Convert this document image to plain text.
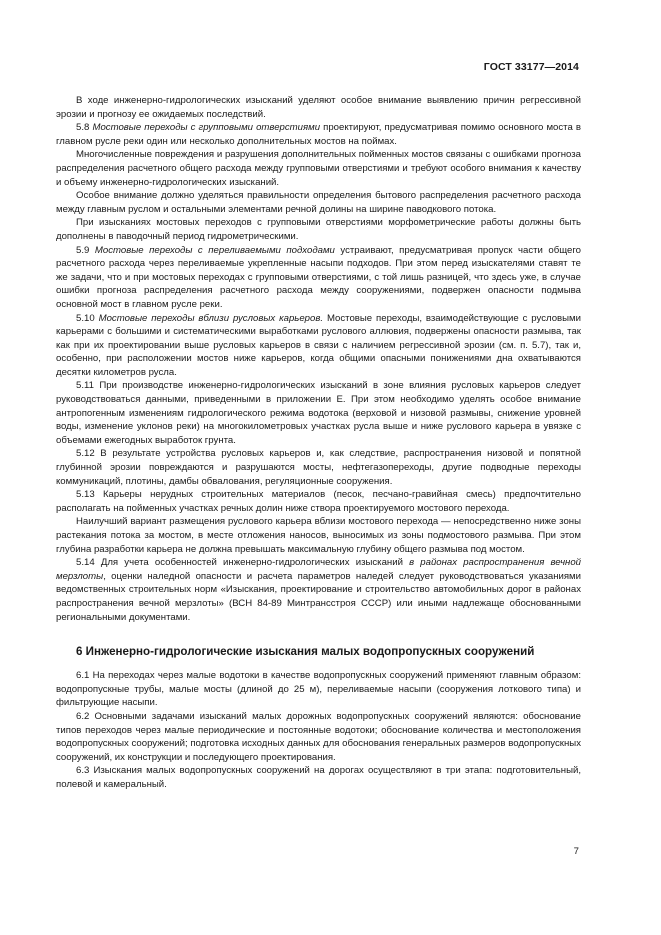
ГОСТ 33177—2014

В ходе инженерно-гидрологических изысканий уделяют особое внимание выявлению причин регрессивной эрозии и прогнозу ее ожидаемых последствий.

5.8 Мостовые переходы с групповыми отверстиями проектируют, предусматривая помимо основного моста в главном русле реки один или несколько дополнительных мостов на поймах.

Многочисленные повреждения и разрушения дополнительных пойменных мостов связаны с ошибками прогноза распределения расчетного общего расхода между групповыми отверстиями и требуют особого внимания к качеству и объему инженерно-гидрологических изысканий.

Особое внимание должно уделяться правильности определения бытового распределения расчетного расхода между главным руслом и остальными элементами речной долины на ширине паводкового потока.

При изысканиях мостовых переходов с групповыми отверстиями морфометрические работы должны быть дополнены в паводочный период гидрометрическими.

5.9 Мостовые переходы с переливаемыми подходами устраивают, предусматривая пропуск части общего расчетного расхода через переливаемые укрепленные насыпи подходов. При этом перед изыскателями ставят те же задачи, что и при мостовых переходах с групповыми отверстиями, с той лишь разницей, что здесь уже, в случае ошибки прогноза распределения расчетного расхода между сооружениями, подвержен опасности подмыва основной мост в главном русле реки.

5.10 Мостовые переходы вблизи русловых карьеров. Мостовые переходы, взаимодействующие с русловыми карьерами с большими и систематическими выработками руслового аллювия, подвержены опасности размыва, так как при их проектировании выше русловых карьеров в связи с наличием регрессивной эрозии (см. п. 5.7), так и, особенно, при расположении мостов ниже карьеров, когда общими опасными понижениями дна охватываются десятки километров русла.

5.11 При производстве инженерно-гидрологических изысканий в зоне влияния русловых карьеров следует руководствоваться данными, приведенными в приложении Е. При этом необходимо уделять особое внимание антропогенным изменениям гидрологического режима водотока (верховой и низовой размывы, снижение уровней воды, изменение уклонов реки) на многокилометровых участках русла выше и ниже руслового карьера в увязке с объемами ежегодных выработок грунта.

5.12 В результате устройства русловых карьеров и, как следствие, распространения низовой и попятной глубинной эрозии повреждаются и разрушаются мосты, нефтегазопереходы, другие подводные переходы коммуникаций, плотины, дамбы обвалования, регуляционные сооружения.

5.13 Карьеры нерудных строительных материалов (песок, песчано-гравийная смесь) предпочтительно располагать на пойменных участках речных долин ниже створа проектируемого мостового перехода.

Наилучший вариант размещения руслового карьера вблизи мостового перехода — непосредственно ниже зоны растекания потока за мостом, в месте отложения наносов, выносимых из зоны подмостового размыва. При этом глубина разработки карьера не должна превышать максимальную глубину общего размыва под мостом.

5.14 Для учета особенностей инженерно-гидрологических изысканий в районах распространения вечной мерзлоты, оценки наледной опасности и расчета параметров наледей следует руководствоваться указаниями ведомственных строительных норм «Изыскания, проектирование и строительство автомобильных дорог в районах распространения вечной мерзлоты» (ВСН 84-89 Минтрансстроя СССР) или иными надлежаще обоснованными региональными документами.

6 Инженерно-гидрологические изыскания малых водопропускных сооружений

6.1 На переходах через малые водотоки в качестве водопропускных сооружений применяют главным образом: водопропускные трубы, малые мосты (длиной до 25 м), переливаемые насыпи (сооружения лоткового типа) и фильтрующие насыпи.

6.2 Основными задачами изысканий малых дорожных водопропускных сооружений являются: обоснование типов переходов через малые периодические и постоянные водотоки; обоснование количества и местоположения водопропускных сооружений; подготовка исходных данных для обоснования генеральных размеров водопропускных сооружений, их конструкции и последующего проектирования.

6.3 Изыскания малых водопропускных сооружений на дорогах осуществляют в три этапа: подготовительный, полевой и камеральный.

7
